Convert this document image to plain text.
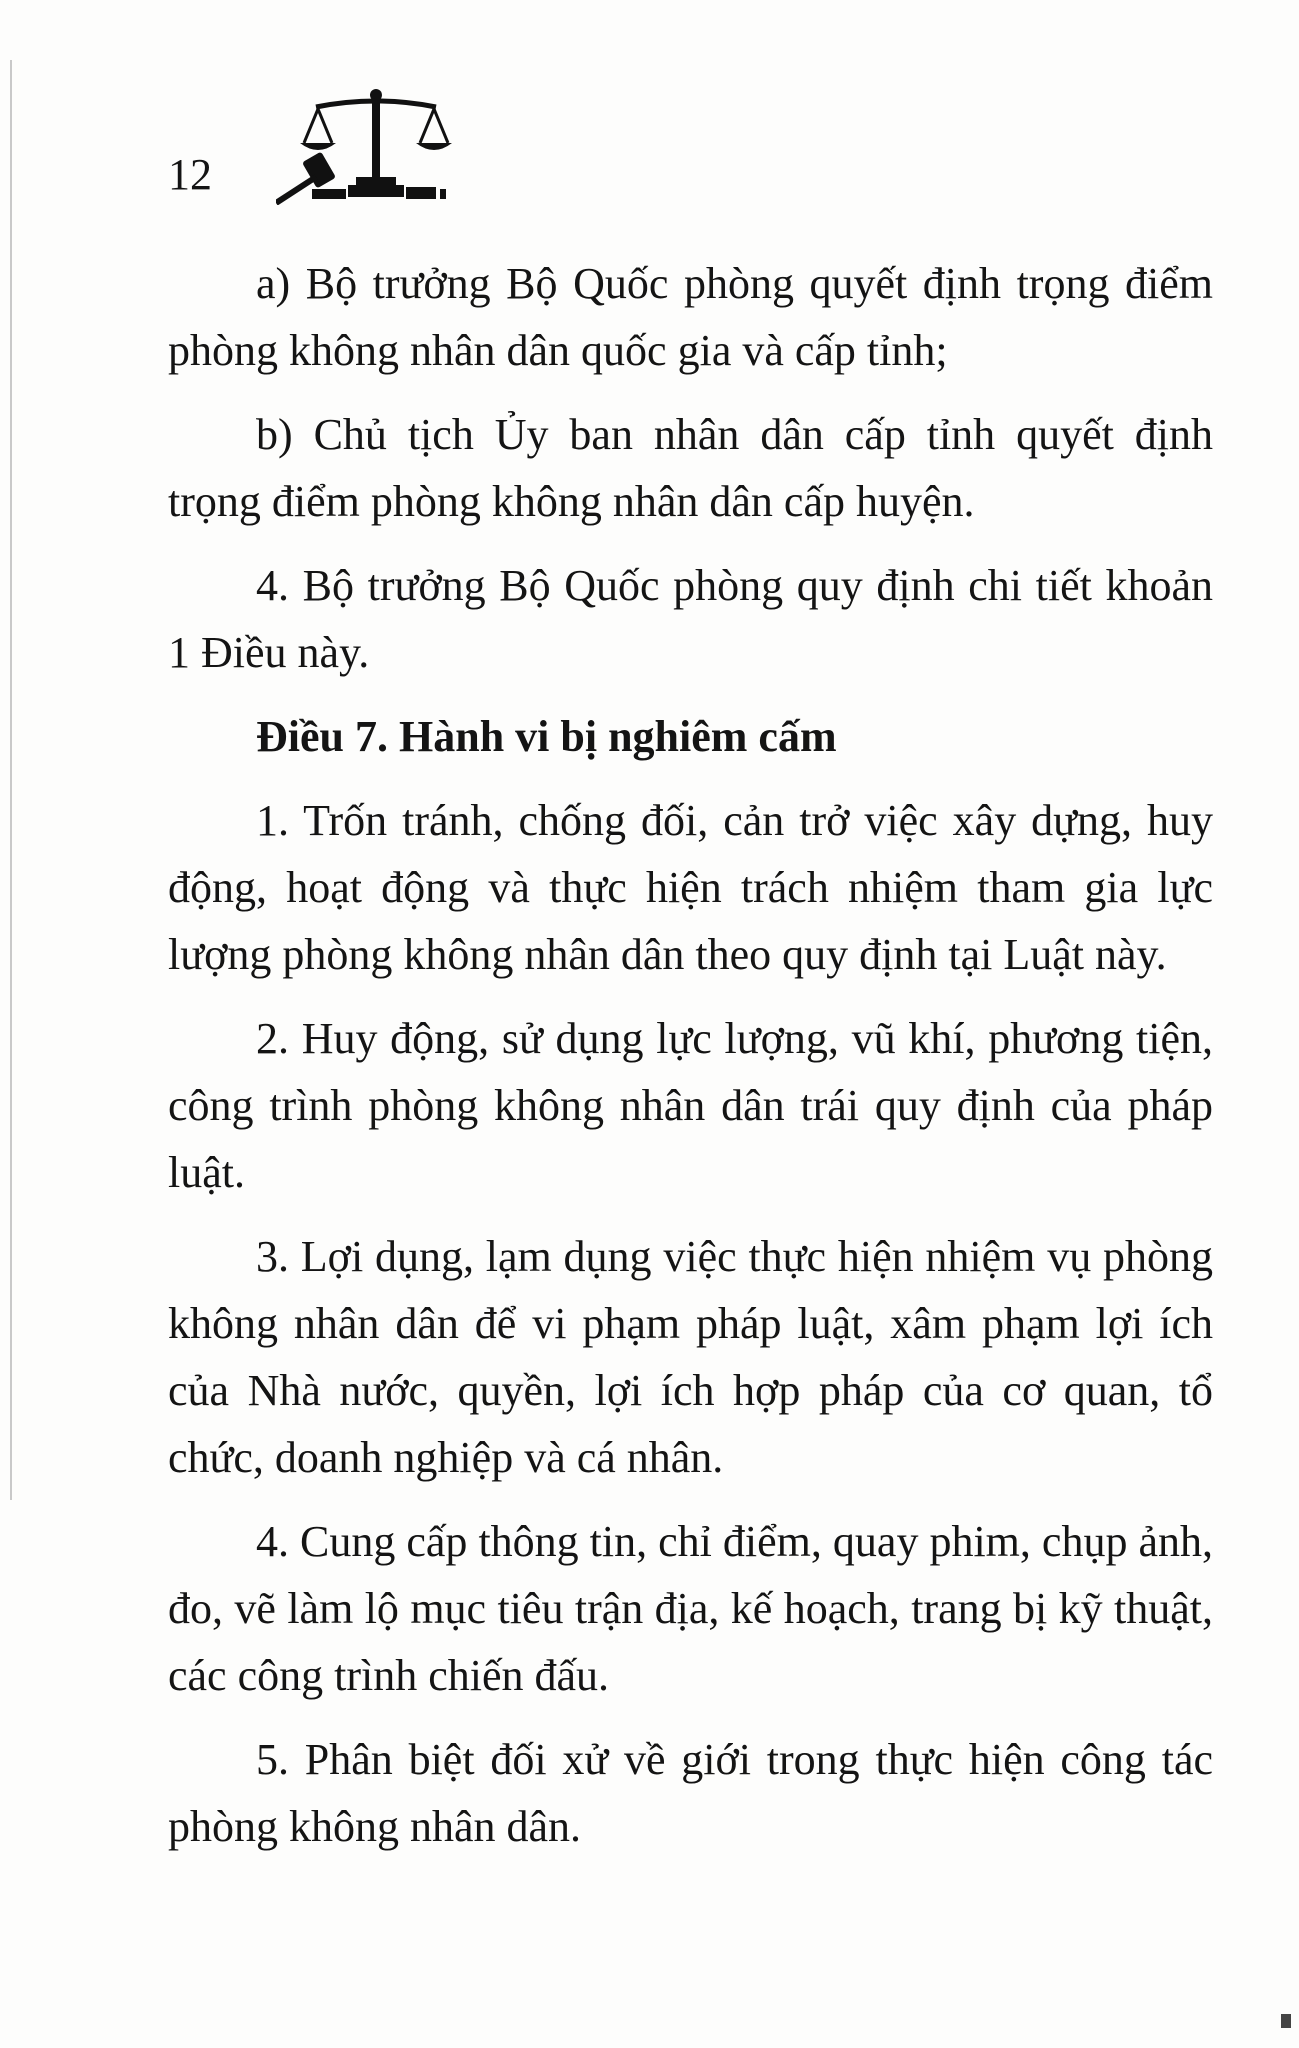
12

a) Bộ trưởng Bộ Quốc phòng quyết định trọng điểm phòng không nhân dân quốc gia và cấp tỉnh;

b) Chủ tịch Ủy ban nhân dân cấp tỉnh quyết định trọng điểm phòng không nhân dân cấp huyện.

4. Bộ trưởng Bộ Quốc phòng quy định chi tiết khoản 1 Điều này.

Điều 7. Hành vi bị nghiêm cấm

1. Trốn tránh, chống đối, cản trở việc xây dựng, huy động, hoạt động và thực hiện trách nhiệm tham gia lực lượng phòng không nhân dân theo quy định tại Luật này.

2. Huy động, sử dụng lực lượng, vũ khí, phương tiện, công trình phòng không nhân dân trái quy định của pháp luật.

3. Lợi dụng, lạm dụng việc thực hiện nhiệm vụ phòng không nhân dân để vi phạm pháp luật, xâm phạm lợi ích của Nhà nước, quyền, lợi ích hợp pháp của cơ quan, tổ chức, doanh nghiệp và cá nhân.

4. Cung cấp thông tin, chỉ điểm, quay phim, chụp ảnh, đo, vẽ làm lộ mục tiêu trận địa, kế hoạch, trang bị kỹ thuật, các công trình chiến đấu.

5. Phân biệt đối xử về giới trong thực hiện công tác phòng không nhân dân.
